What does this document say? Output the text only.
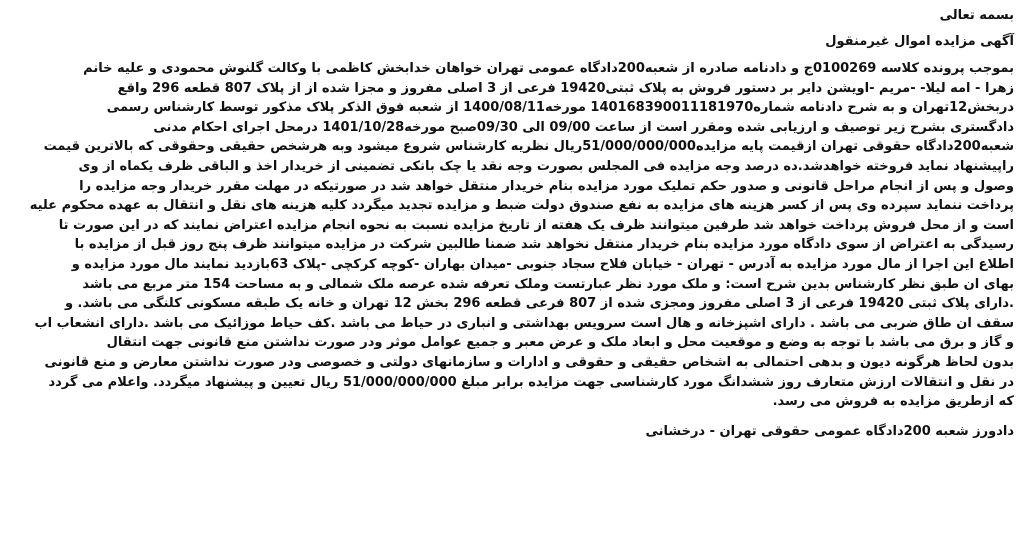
بسمه تعالی
آگهی مزایده اموال غیرمنقول
بموجب پرونده کلاسه 0100269ج و دادنامه صادره از شعبه200دادگاه عمومی تهران خواهان خدابخش کاظمی با وکالت گلنوش محمودی و علیه خانم
زهرا - امه لیلا- -مریم -اویشن دایر بر دستور فروش به پلاک ثبتی19420 فرعی از 3 اصلی مفروز و مجزا شده از از پلاک 807 قطعه 296 واقع
دربخش12تهران و به شرح دادنامه شماره140168390011181970 مورخه1400/08/11 از شعبه فوق الذکر پلاک مذکور توسط کارشناس رسمی
دادگستری بشرح زیر توصیف و ارزیابی شده ومقرر است از ساعت 09/00 الی 09/30صبح مورخه1401/10/28 درمحل اجرای احکام مدنی
شعبه200دادگاه حقوقی تهران ازقیمت پایه مزایده51/000/000/000ریال نظریه کارشناس شروع میشود وبه هرشخص حقیقی وحقوقی که بالاترین قیمت
راپیشنهاد نماید فروخته خواهدشد.ده درصد وجه مزایده فی المجلس بصورت وجه نقد یا چک بانکی تضمینی از خریدار اخذ و الباقی ظرف یکماه از وی
وصول و پس از انجام مراحل قانونی و صدور حکم تملیک مورد مزایده بنام خریدار منتقل خواهد شد در صورتیکه در مهلت مقرر خریدار وجه مزایده را
پرداخت ننماید سپرده وی پس از کسر هزینه های مزایده به نفع صندوق دولت ضبط و مزایده تجدید میگردد کلیه هزینه های نقل و انتقال به عهده محکوم علیه
است و از محل فروش پرداخت خواهد شد طرفین میتوانند ظرف یک هفته از تاریخ مزایده نسبت به نحوه انجام مزایده اعتراض نمایند که در این صورت تا
رسیدگی به اعتراض از سوی دادگاه مورد مزایده بنام خریدار منتقل نخواهد شد ضمنا طالبین شرکت در مزایده میتوانند ظرف پنج روز قبل از مزایده با
اطلاع این اجرا از مال مورد مزایده به آدرس - تهران - خیابان فلاح سجاد جنوبی -میدان بهاران -کوچه کرکچی -پلاک 63بازدید نمایند مال مورد مزایده و
بهای ان طبق نظر کارشناس بدین شرح است: و ملک مورد نظر عبارتست وملک تعرفه شده عرصه ملک شمالی و به مساحت 154 متر مربع می باشد
.دارای پلاک ثبتی 19420 فرعی از 3 اصلی مفروز ومجزی شده از 807 فرعی قطعه 296 بخش 12 تهران و خانه یک طبقه مسکونی کلنگی می باشد. و
سقف ان طاق ضربی می باشد . دارای اشپزخانه و هال است سرویس بهداشتی و انباری در حیاط می باشد .کف حیاط موزائیک می باشد .دارای انشعاب اب
و گاز و برق می باشد با توجه به وضع و موقعیت محل و ابعاد ملک و عرض معبر و جمیع عوامل موثر ودر صورت نداشتن منع قانونی جهت انتقال
بدون لحاظ هرگونه دیون و بدهی احتمالی به اشخاص حقیقی و حقوقی و ادارات و سازمانهای دولتی و خصوصی ودر صورت نداشتن معارض و منع قانونی
در نقل و انتقالات ارزش متعارف روز ششدانگ مورد کارشناسی جهت مزایده برابر مبلغ 51/000/000/000 ریال تعیین و پیشنهاد میگردد. واعلام می گردد
که ازطریق مزایده به فروش می رسد.
دادورز شعبه 200دادگاه عمومی حقوقی تهران - درخشانی
